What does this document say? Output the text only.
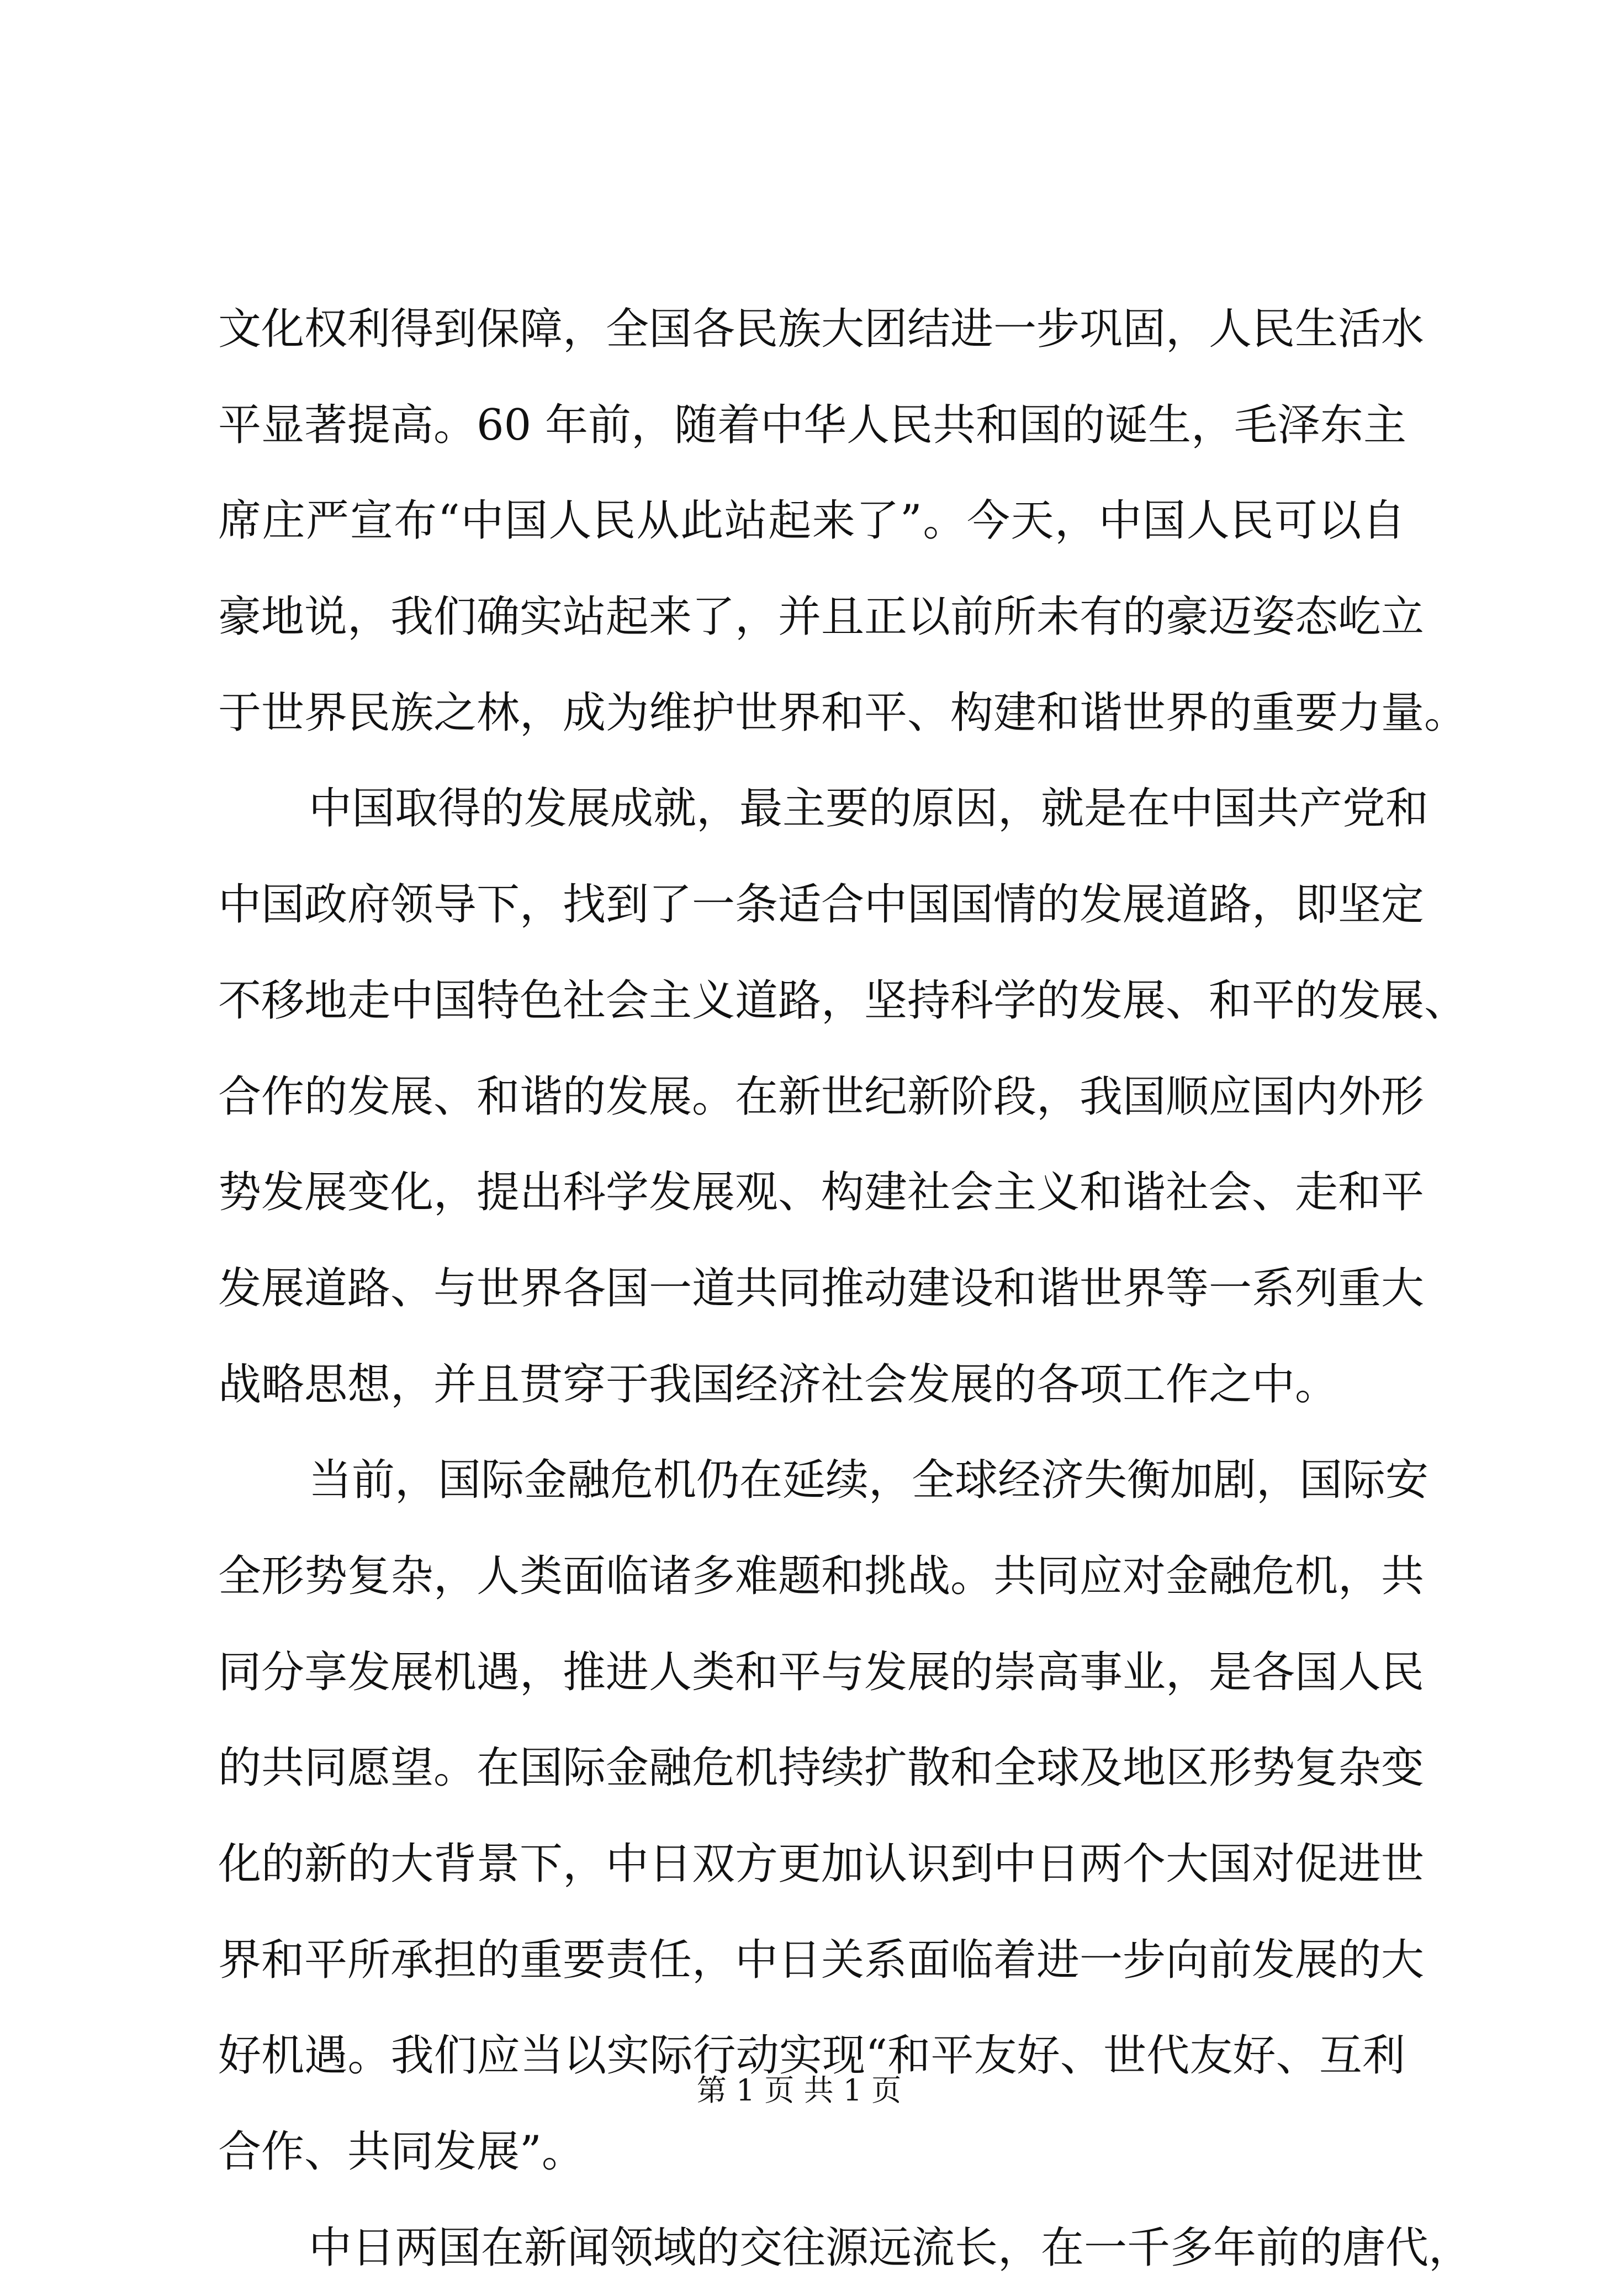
文化权利得到保障，全国各民族大团结进一步巩固，人民生活水
平显著提高。60 年前，随着中华人民共和国的诞生，毛泽东主
席庄严宣布“中国人民从此站起来了”。今天，中国人民可以自
豪地说，我们确实站起来了，并且正以前所未有的豪迈姿态屹立
于世界民族之林，成为维护世界和平、构建和谐世界的重要力量。
中国取得的发展成就，最主要的原因，就是在中国共产党和
中国政府领导下，找到了一条适合中国国情的发展道路，即坚定
不移地走中国特色社会主义道路，坚持科学的发展、和平的发展、
合作的发展、和谐的发展。在新世纪新阶段，我国顺应国内外形
势发展变化，提出科学发展观、构建社会主义和谐社会、走和平
发展道路、与世界各国一道共同推动建设和谐世界等一系列重大
战略思想，并且贯穿于我国经济社会发展的各项工作之中。
当前，国际金融危机仍在延续，全球经济失衡加剧，国际安
全形势复杂，人类面临诸多难题和挑战。共同应对金融危机，共
同分享发展机遇，推进人类和平与发展的崇高事业，是各国人民
的共同愿望。在国际金融危机持续扩散和全球及地区形势复杂变
化的新的大背景下，中日双方更加认识到中日两个大国对促进世
界和平所承担的重要责任，中日关系面临着进一步向前发展的大
好机遇。我们应当以实际行动实现“和平友好、世代友好、互利
合作、共同发展”。
中日两国在新闻领域的交往源远流长，在一千多年前的唐代，
第 1 页 共 1 页
